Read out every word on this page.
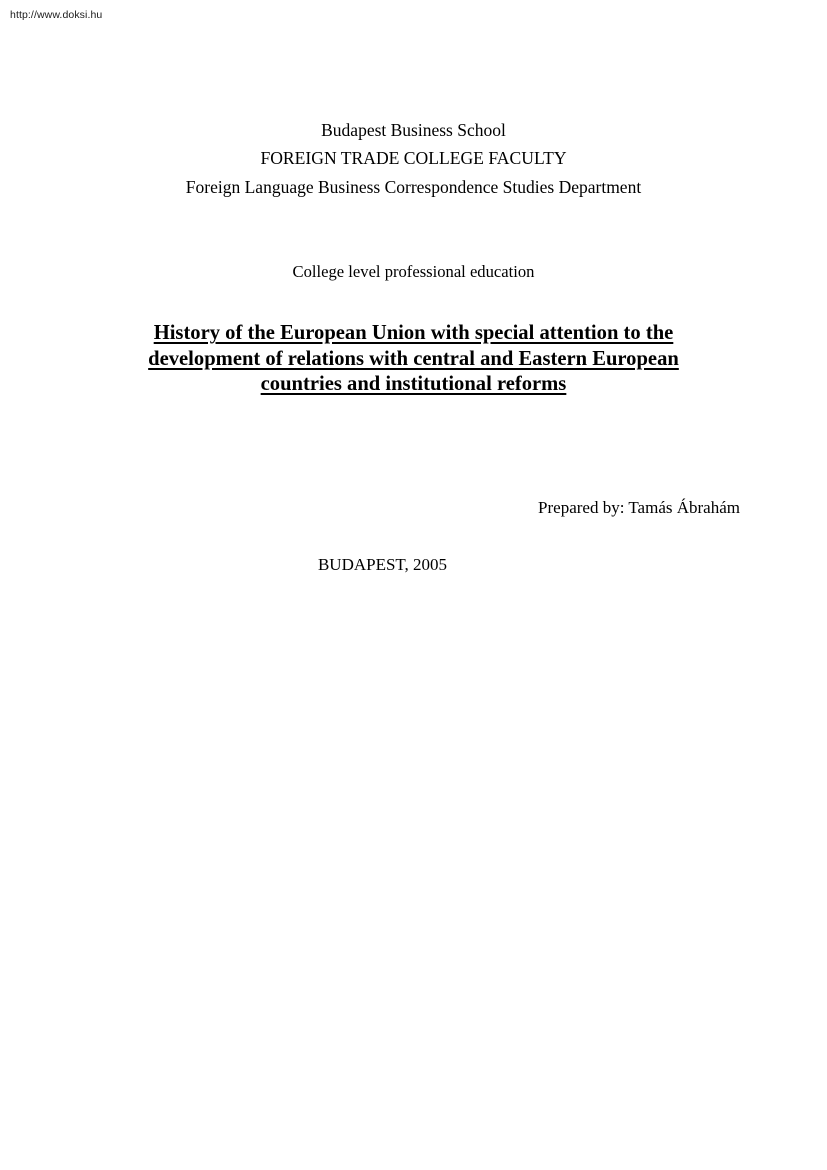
http://www.doksi.hu
Budapest Business School
FOREIGN TRADE COLLEGE FACULTY
Foreign Language Business Correspondence Studies Department
College level professional education
History of the European Union with special attention to the
development of relations with central and Eastern European
countries and institutional reforms
Prepared by: Tamás Ábrahám
BUDAPEST, 2005
